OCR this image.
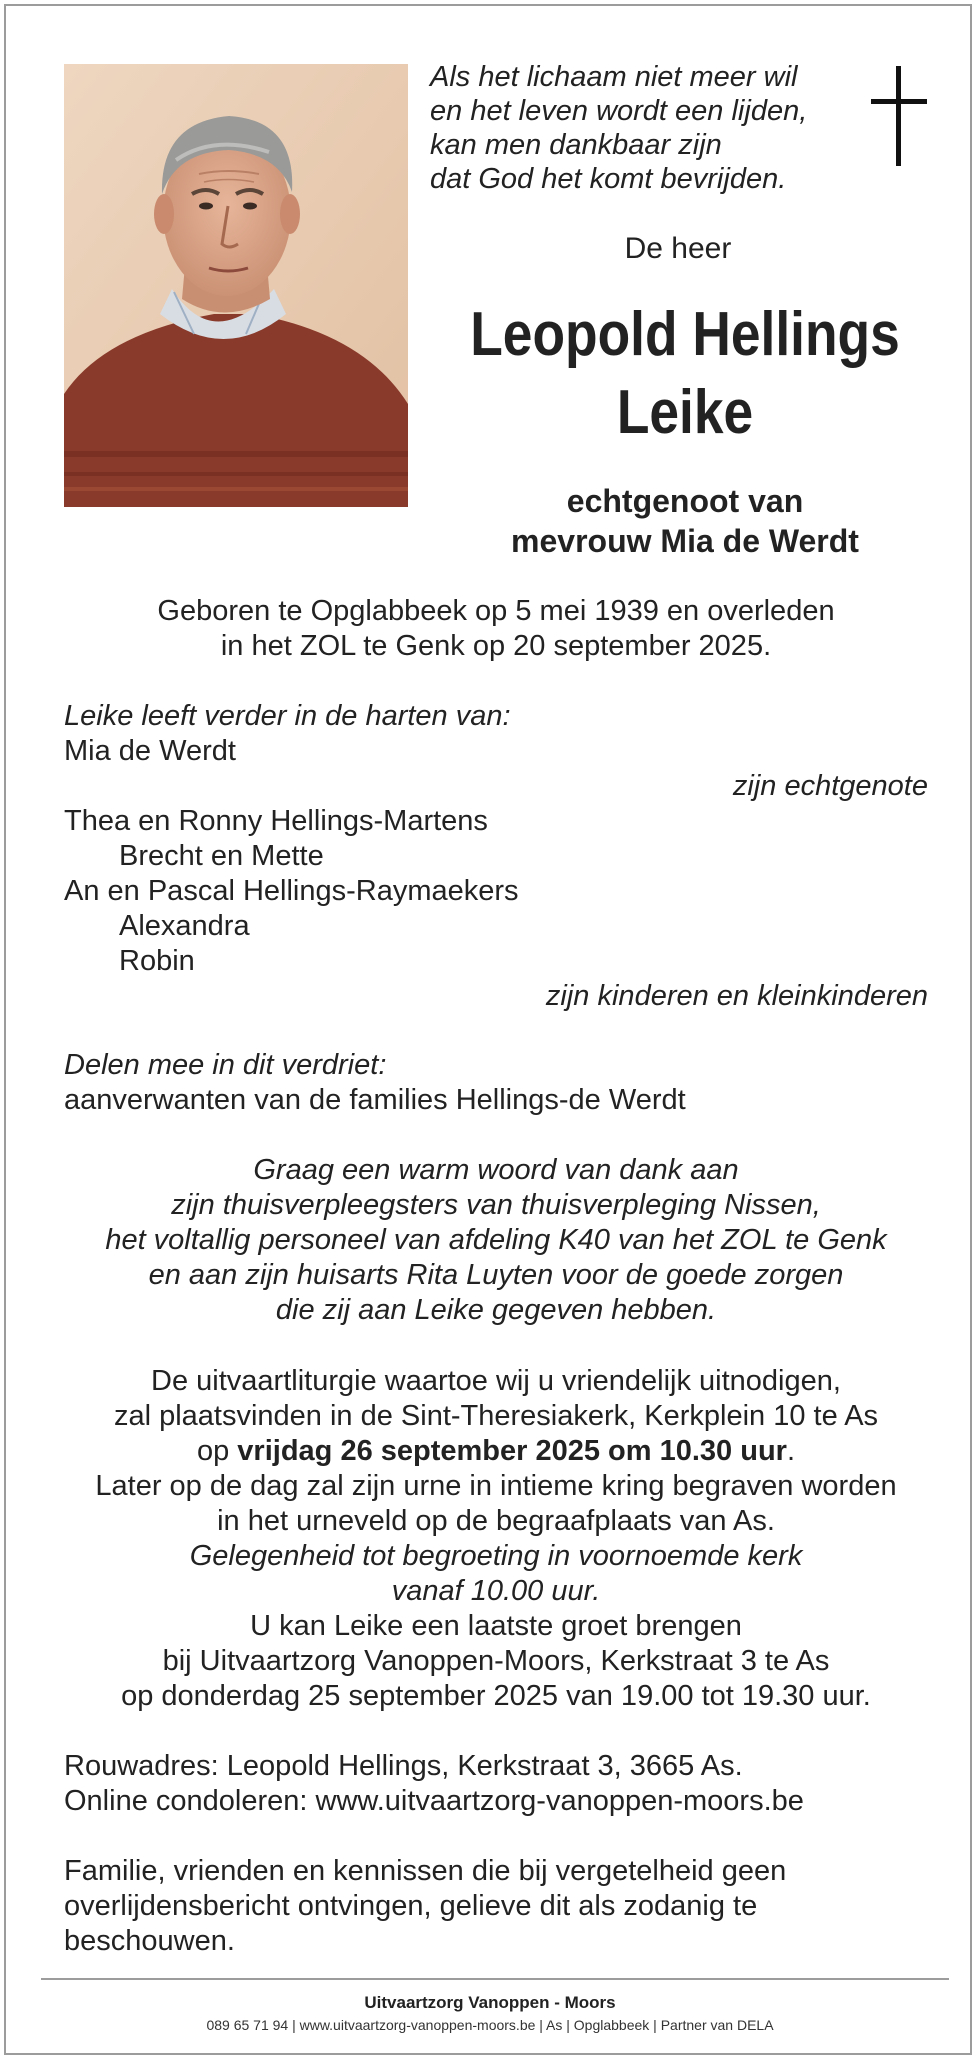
Als het lichaam niet meer wil
en het leven wordt een lijden,
kan men dankbaar zijn
dat God het komt bevrijden.
De heer
Leopold Hellings
Leike
echtgenoot van
mevrouw Mia de Werdt
Geboren te Opglabbeek op 5 mei 1939 en overleden
in het ZOL te Genk op 20 september 2025.
Leike leeft verder in de harten van:
Mia de Werdt
zijn echtgenote
Thea en Ronny Hellings-Martens
Brecht en Mette
An en Pascal Hellings-Raymaekers
Alexandra
Robin
zijn kinderen en kleinkinderen
Delen mee in dit verdriet:
aanverwanten van de families Hellings-de Werdt
Graag een warm woord van dank aan
zijn thuisverpleegsters van thuisverpleging Nissen,
het voltallig personeel van afdeling K40 van het ZOL te Genk
en aan zijn huisarts Rita Luyten voor de goede zorgen
die zij aan Leike gegeven hebben.
De uitvaartliturgie waartoe wij u vriendelijk uitnodigen,
zal plaatsvinden in de Sint-Theresiakerk, Kerkplein 10 te As
op vrijdag 26 september 2025 om 10.30 uur.
Later op de dag zal zijn urne in intieme kring begraven worden
in het urneveld op de begraafplaats van As.
Gelegenheid tot begroeting in voornoemde kerk
vanaf 10.00 uur.
U kan Leike een laatste groet brengen
bij Uitvaartzorg Vanoppen-Moors, Kerkstraat 3 te As
op donderdag 25 september 2025 van 19.00 tot 19.30 uur.
Rouwadres: Leopold Hellings, Kerkstraat 3, 3665 As.
Online condoleren: www.uitvaartzorg-vanoppen-moors.be
Familie, vrienden en kennissen die bij vergetelheid geen
overlijdensbericht ontvingen, gelieve dit als zodanig te
beschouwen.
Uitvaartzorg Vanoppen - Moors
089 65 71 94 | www.uitvaartzorg-vanoppen-moors.be | As | Opglabbeek | Partner van DELA
